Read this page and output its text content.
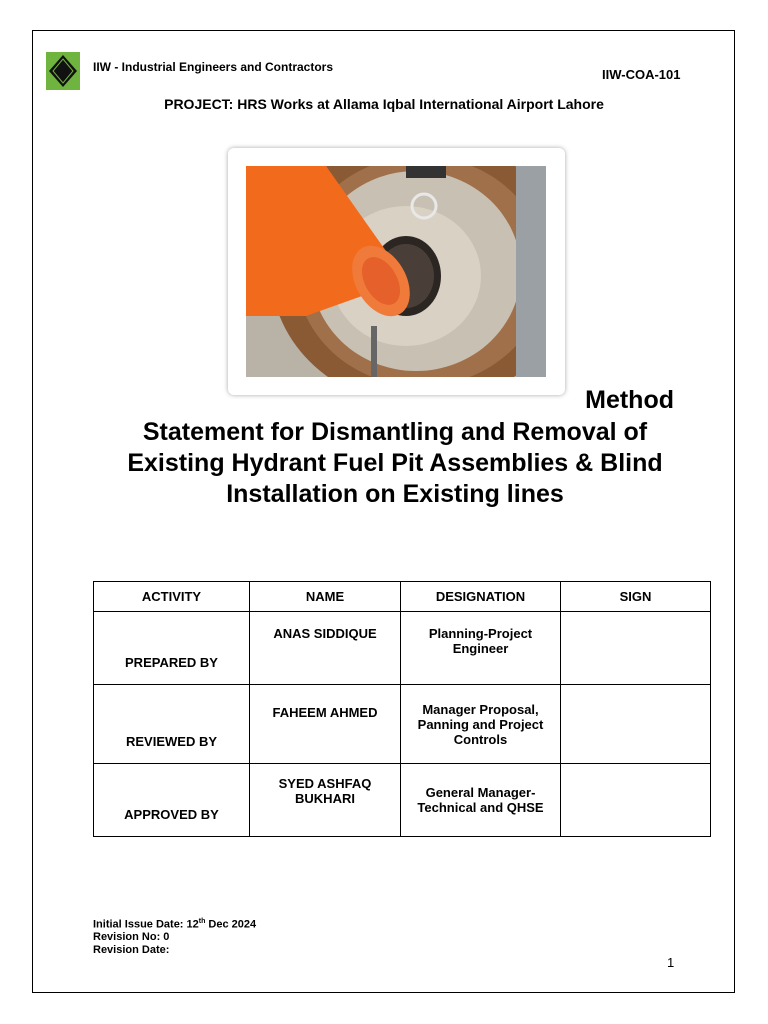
IIW - Industrial Engineers and Contractors	IIW-COA-101
PROJECT: HRS Works at Allama Iqbal International Airport Lahore
Method
Statement for Dismantling and Removal of Existing Hydrant Fuel Pit Assemblies & Blind Installation on Existing lines
ACTIVITY	NAME	DESIGNATION	SIGN
PREPARED BY	ANAS SIDDIQUE	Planning-Project Engineer	
REVIEWED BY	FAHEEM AHMED	Manager Proposal, Panning and Project Controls	
APPROVED BY	SYED ASHFAQ BUKHARI	General Manager- Technical and QHSE	
Initial Issue Date: 12th Dec 2024
Revision No: 0
Revision Date:
1
